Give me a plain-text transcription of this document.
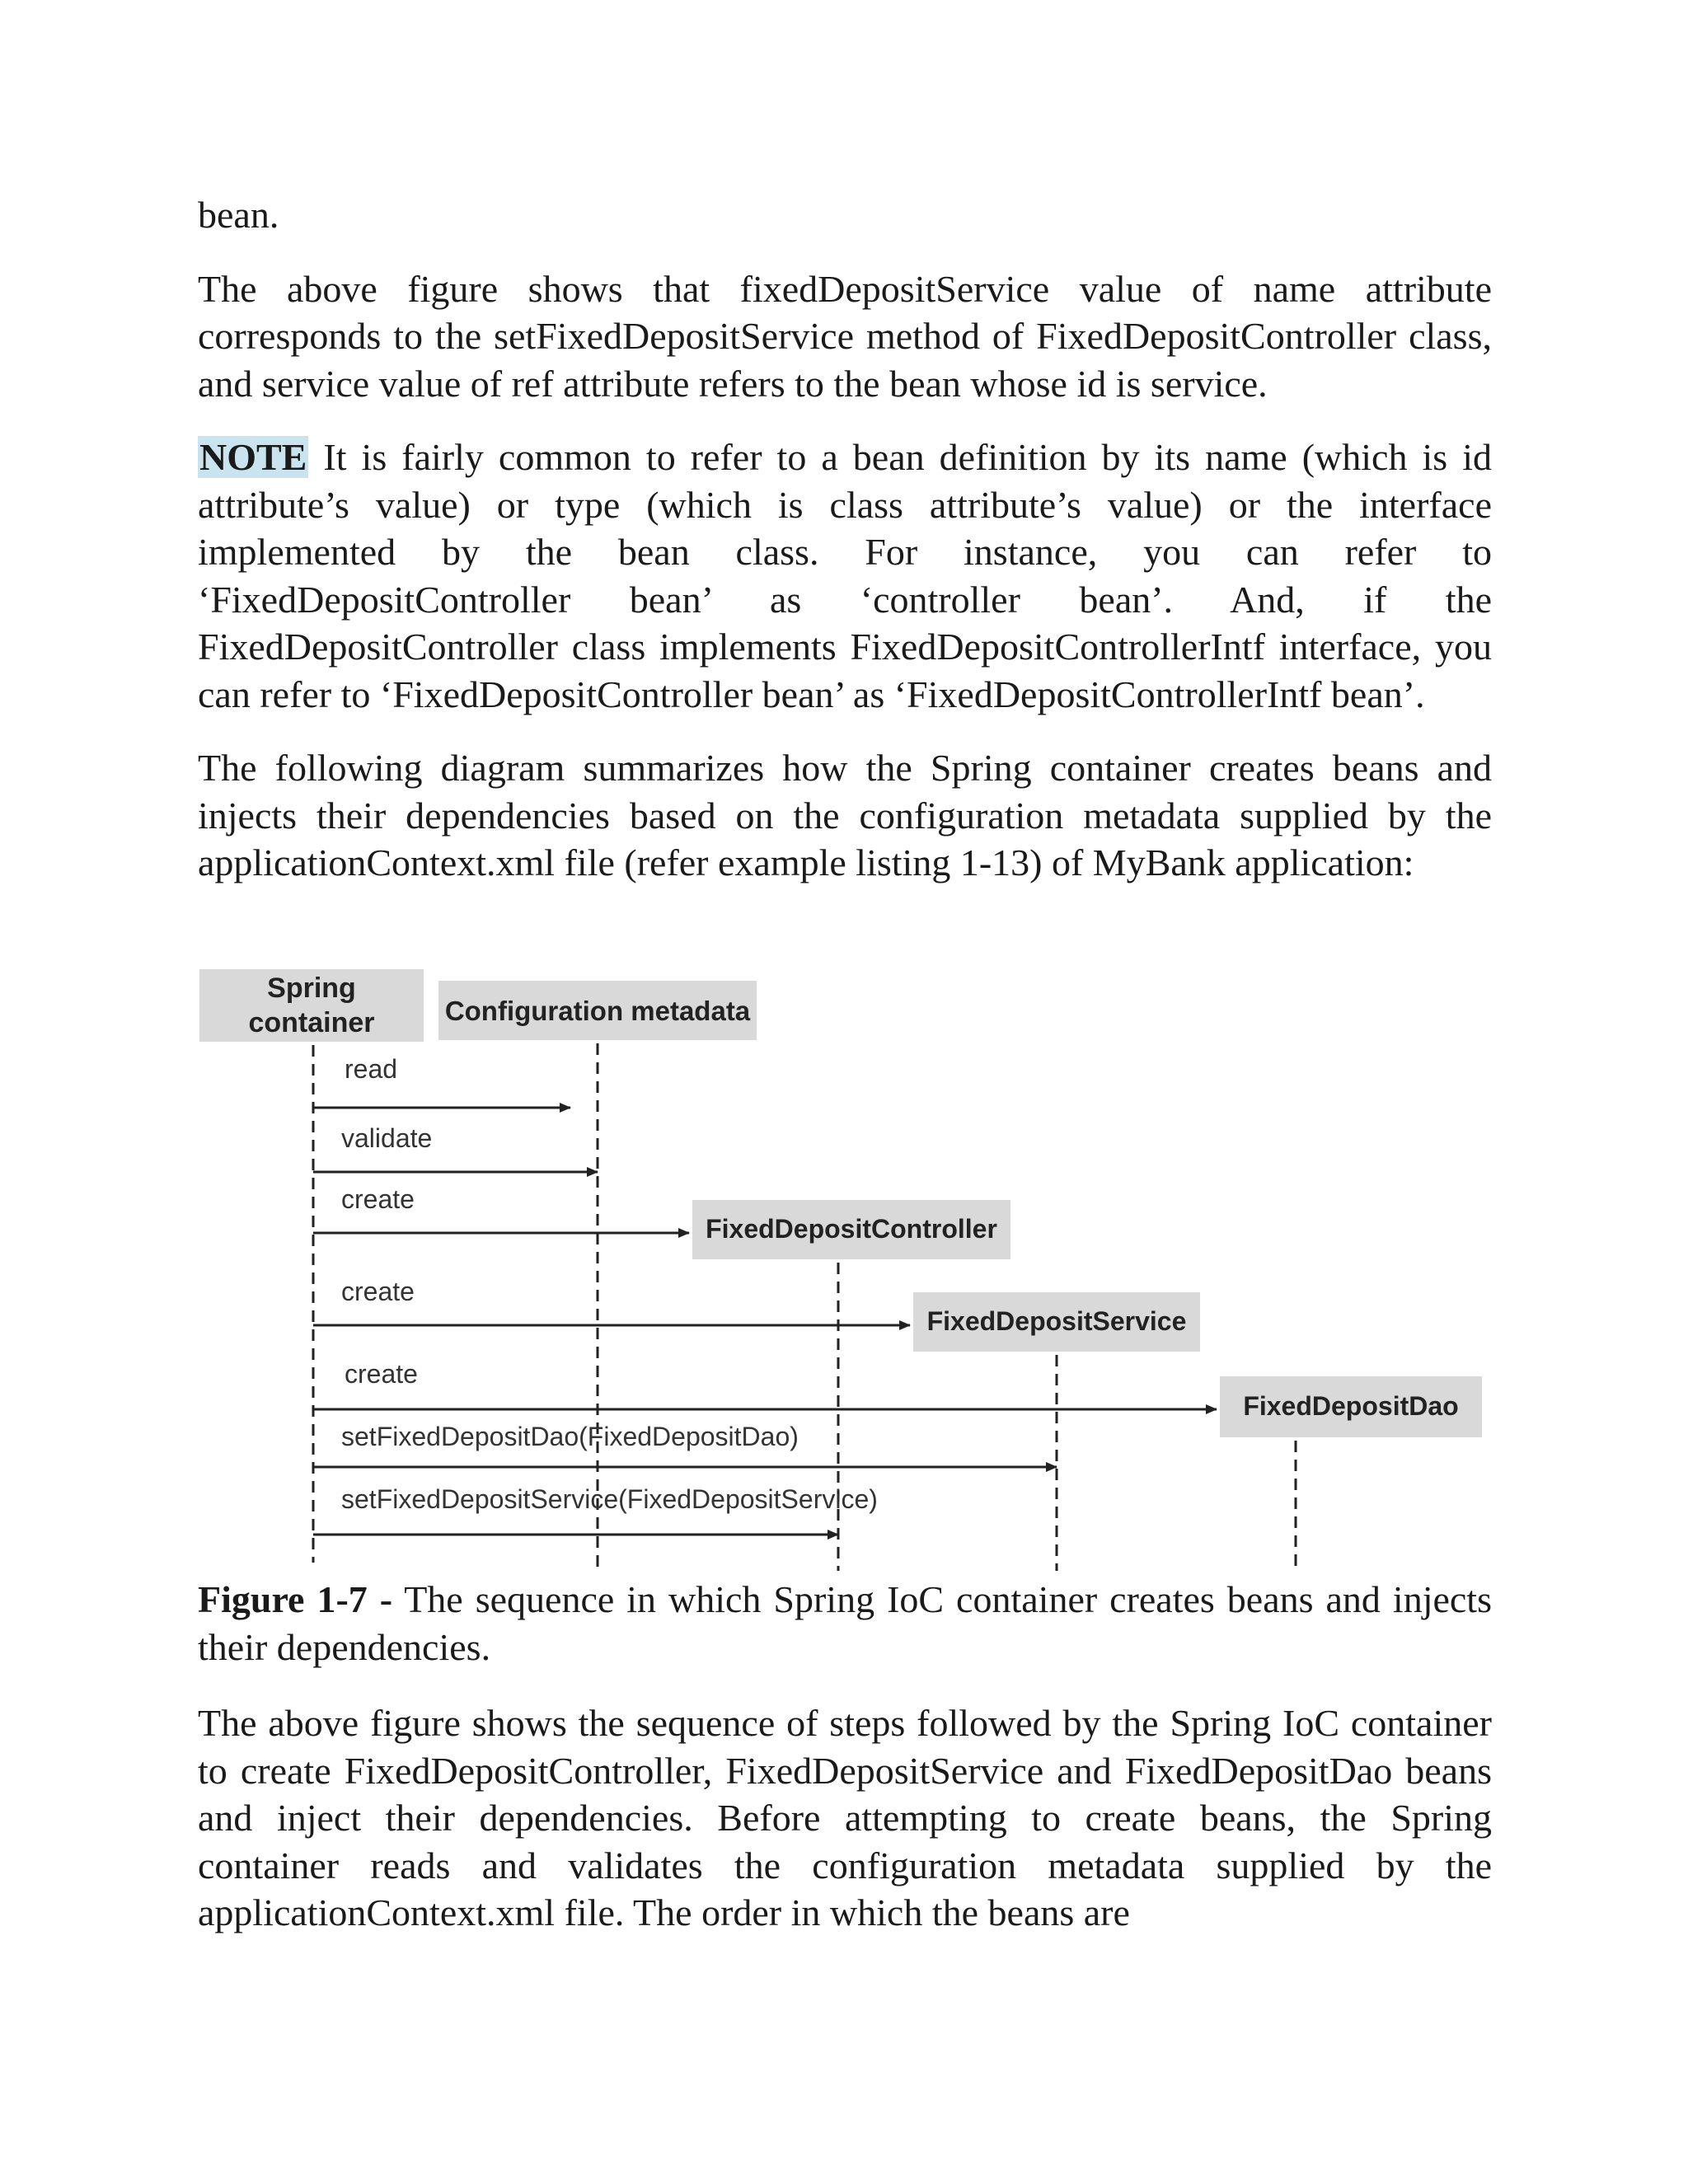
bean.

The above figure shows that fixedDepositService value of name attribute corresponds to the setFixedDepositService method of FixedDepositController class, and service value of ref attribute refers to the bean whose id is service.

NOTE It is fairly common to refer to a bean definition by its name (which is id attribute’s value) or type (which is class attribute’s value) or the interface implemented by the bean class. For instance, you can refer to ‘FixedDepositController bean’ as ‘controller bean’. And, if the FixedDepositController class implements FixedDepositControllerIntf interface, you can refer to ‘FixedDepositController bean’ as ‘FixedDepositControllerIntf bean’.

The following diagram summarizes how the Spring container creates beans and injects their dependencies based on the configuration metadata supplied by the applicationContext.xml file (refer example listing 1-13) of MyBank application:

Spring
container	Configuration metadata
FixedDepositController
FixedDepositService
FixedDepositDao
read
validate
create
create
create
setFixedDepositDao(FixedDepositDao)
setFixedDepositService(FixedDepositService)

Figure 1-7 - The sequence in which Spring IoC container creates beans and injects their dependencies.

The above figure shows the sequence of steps followed by the Spring IoC container to create FixedDepositController, FixedDepositService and FixedDepositDao beans and inject their dependencies. Before attempting to create beans, the Spring container reads and validates the configuration metadata supplied by the applicationContext.xml file. The order in which the beans are
